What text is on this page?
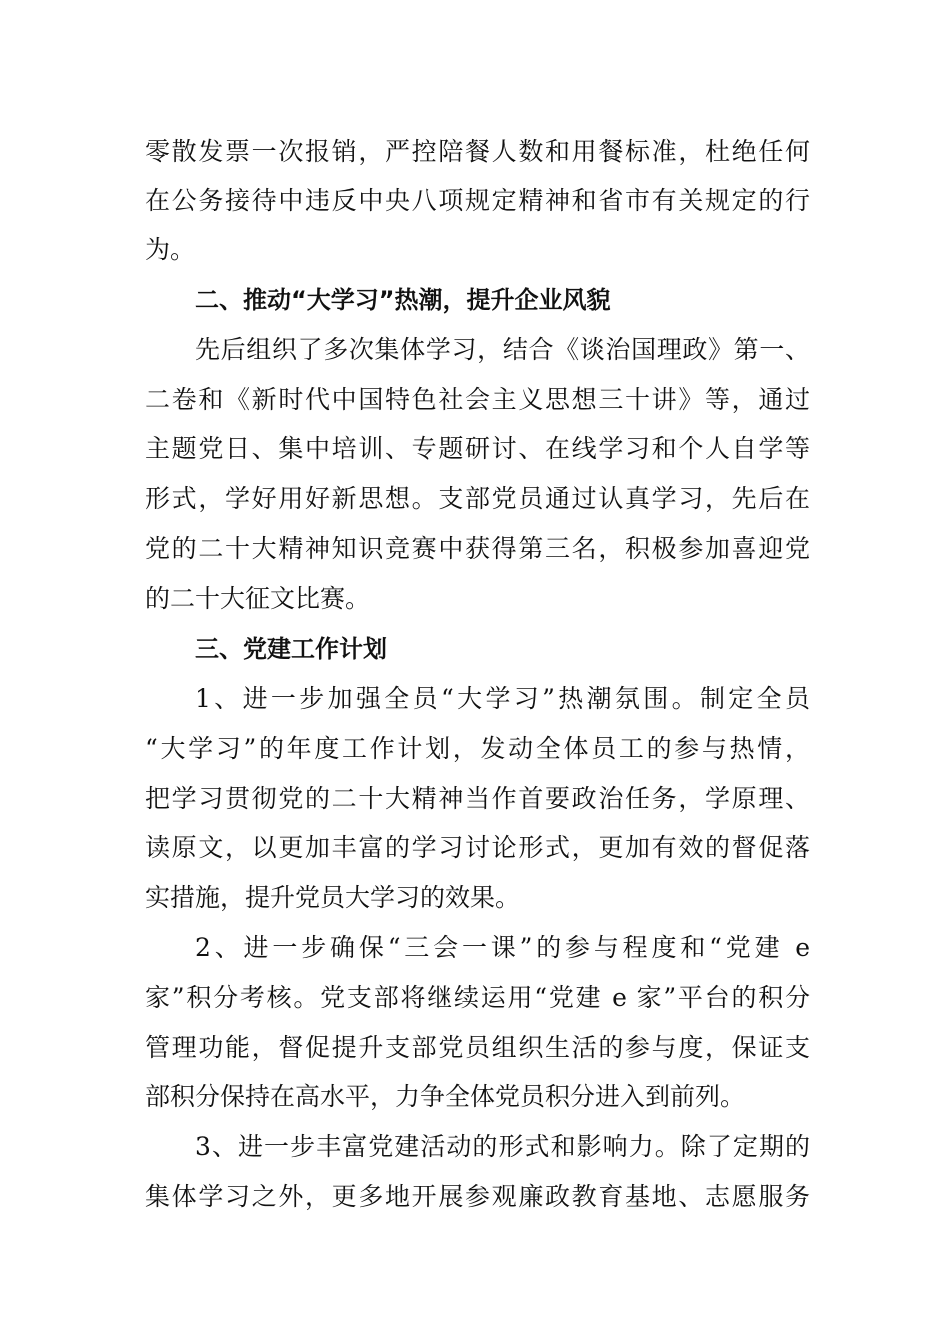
零散发票一次报销，严控陪餐人数和用餐标准，杜绝任何
在公务接待中违反中央八项规定精神和省市有关规定的行
为。
二、推动“大学习”热潮，提升企业风貌
先后组织了多次集体学习，结合《谈治国理政》第一、
二卷和《新时代中国特色社会主义思想三十讲》等，通过
主题党日、集中培训、专题研讨、在线学习和个人自学等
形式，学好用好新思想。支部党员通过认真学习，先后在
党的二十大精神知识竞赛中获得第三名，积极参加喜迎党
的二十大征文比赛。
三、党建工作计划
1、进一步加强全员“大学习”热潮氛围。制定全员
“大学习”的年度工作计划，发动全体员工的参与热情，
把学习贯彻党的二十大精神当作首要政治任务，学原理、
读原文，以更加丰富的学习讨论形式，更加有效的督促落
实措施，提升党员大学习的效果。
2、进一步确保“三会一课”的参与程度和“党建 e
家”积分考核。党支部将继续运用“党建 e 家”平台的积分
管理功能，督促提升支部党员组织生活的参与度，保证支
部积分保持在高水平，力争全体党员积分进入到前列。
3、进一步丰富党建活动的形式和影响力。除了定期的
集体学习之外，更多地开展参观廉政教育基地、志愿服务
